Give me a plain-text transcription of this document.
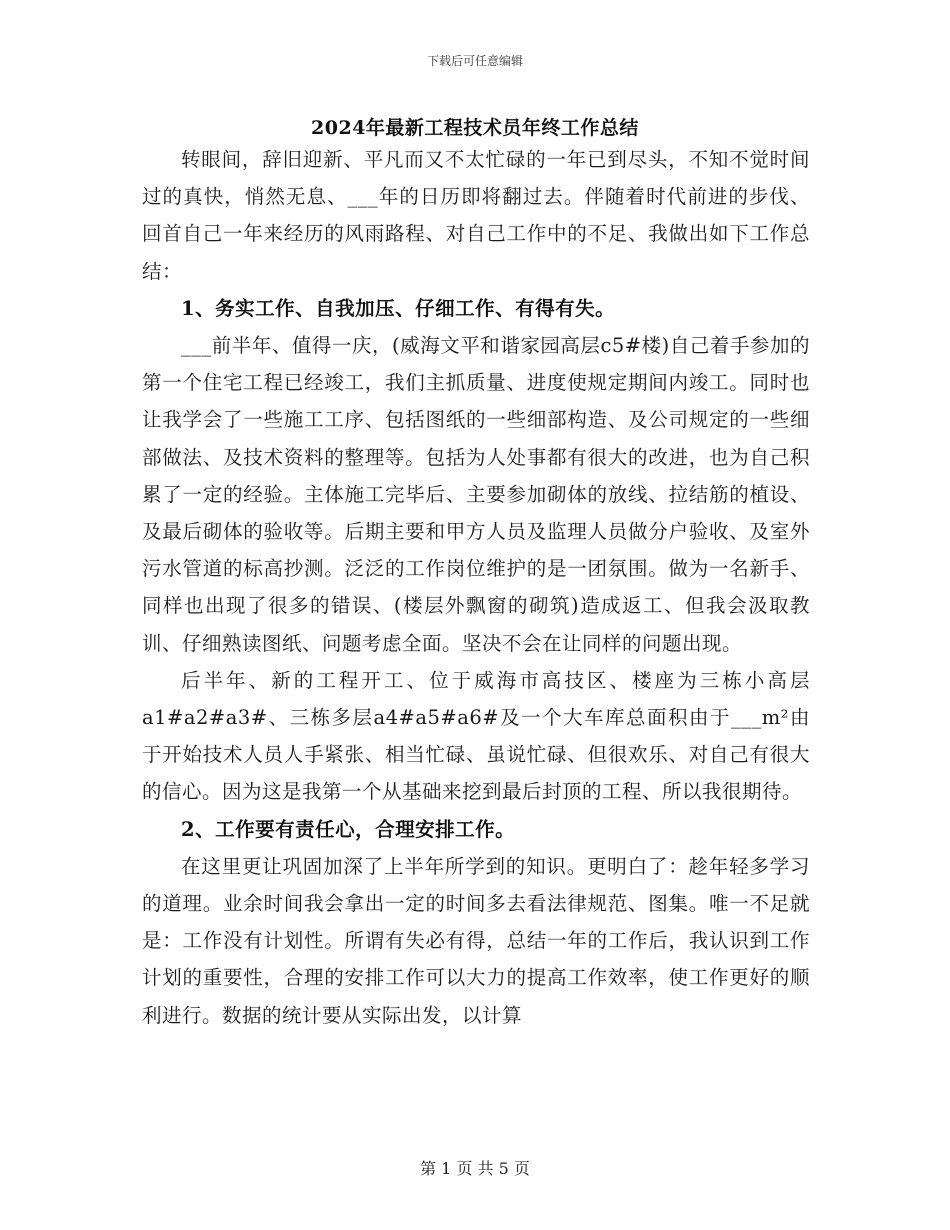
下载后可任意编辑
2024年最新工程技术员年终工作总结

转眼间，辞旧迎新、平凡而又不太忙碌的一年已到尽头，不知不觉时间过的真快，悄然无息、___年的日历即将翻过去。伴随着时代前进的步伐、回首自己一年来经历的风雨路程、对自己工作中的不足、我做出如下工作总结：

1、务实工作、自我加压、仔细工作、有得有失。

___前半年、值得一庆，(威海文平和谐家园高层c5#楼)自己着手参加的第一个住宅工程已经竣工，我们主抓质量、进度使规定期间内竣工。同时也让我学会了一些施工工序、包括图纸的一些细部构造、及公司规定的一些细部做法、及技术资料的整理等。包括为人处事都有很大的改进，也为自己积累了一定的经验。主体施工完毕后、主要参加砌体的放线、拉结筋的植设、及最后砌体的验收等。后期主要和甲方人员及监理人员做分户验收、及室外污水管道的标高抄测。泛泛的工作岗位维护的是一团氛围。做为一名新手、同样也出现了很多的错误、(楼层外飘窗的砌筑)造成返工、但我会汲取教训、仔细熟读图纸、问题考虑全面。坚决不会在让同样的问题出现。

后半年、新的工程开工、位于威海市高技区、楼座为三栋小高层a1#a2#a3#、三栋多层a4#a5#a6#及一个大车库总面积由于___m²由于开始技术人员人手紧张、相当忙碌、虽说忙碌、但很欢乐、对自己有很大的信心。因为这是我第一个从基础来挖到最后封顶的工程、所以我很期待。

2、工作要有责任心，合理安排工作。

在这里更让巩固加深了上半年所学到的知识。更明白了：趁年轻多学习的道理。业余时间我会拿出一定的时间多去看法律规范、图集。唯一不足就是：工作没有计划性。所谓有失必有得，总结一年的工作后，我认识到工作计划的重要性，合理的安排工作可以大力的提高工作效率，使工作更好的顺利进行。数据的统计要从实际出发，以计算

第 1 页 共 5 页
